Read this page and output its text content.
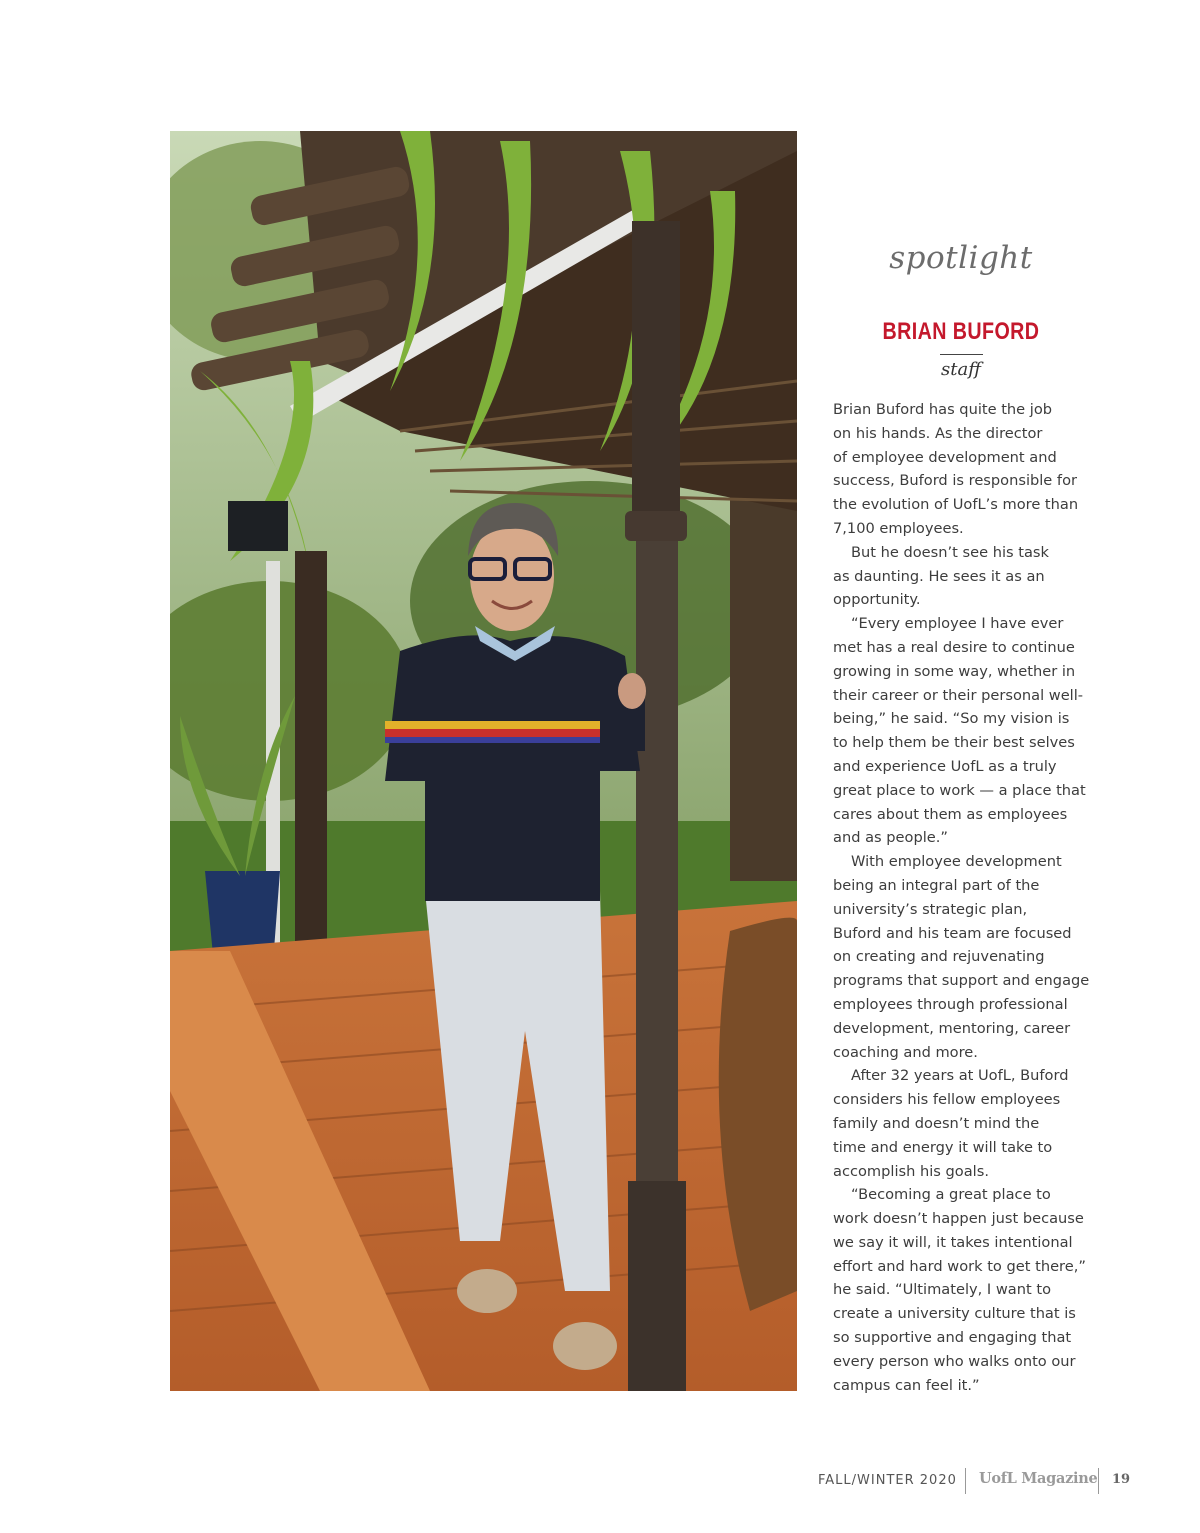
spotlight
BRIAN BUFORD
staff
Brian Buford has quite the job
on his hands. As the director
of employee development and
success, Buford is responsible for
the evolution of UofL’s more than
7,100 employees.
But he doesn’t see his task
as daunting. He sees it as an
opportunity.
“Every employee I have ever
met has a real desire to continue
growing in some way, whether in
their career or their personal well-
being,” he said. “So my vision is
to help them be their best selves
and experience UofL as a truly
great place to work — a place that
cares about them as employees
and as people.”
With employee development
being an integral part of the
university’s strategic plan,
Buford and his team are focused
on creating and rejuvenating
programs that support and engage
employees through professional
development, mentoring, career
coaching and more.
After 32 years at UofL, Buford
considers his fellow employees
family and doesn’t mind the
time and energy it will take to
accomplish his goals.
“Becoming a great place to
work doesn’t happen just because
we say it will, it takes intentional
effort and hard work to get there,”
he said. “Ultimately, I want to
create a university culture that is
so supportive and engaging that
every person who walks onto our
campus can feel it.”
FALL/WINTER 2020 UofL Magazine 19
